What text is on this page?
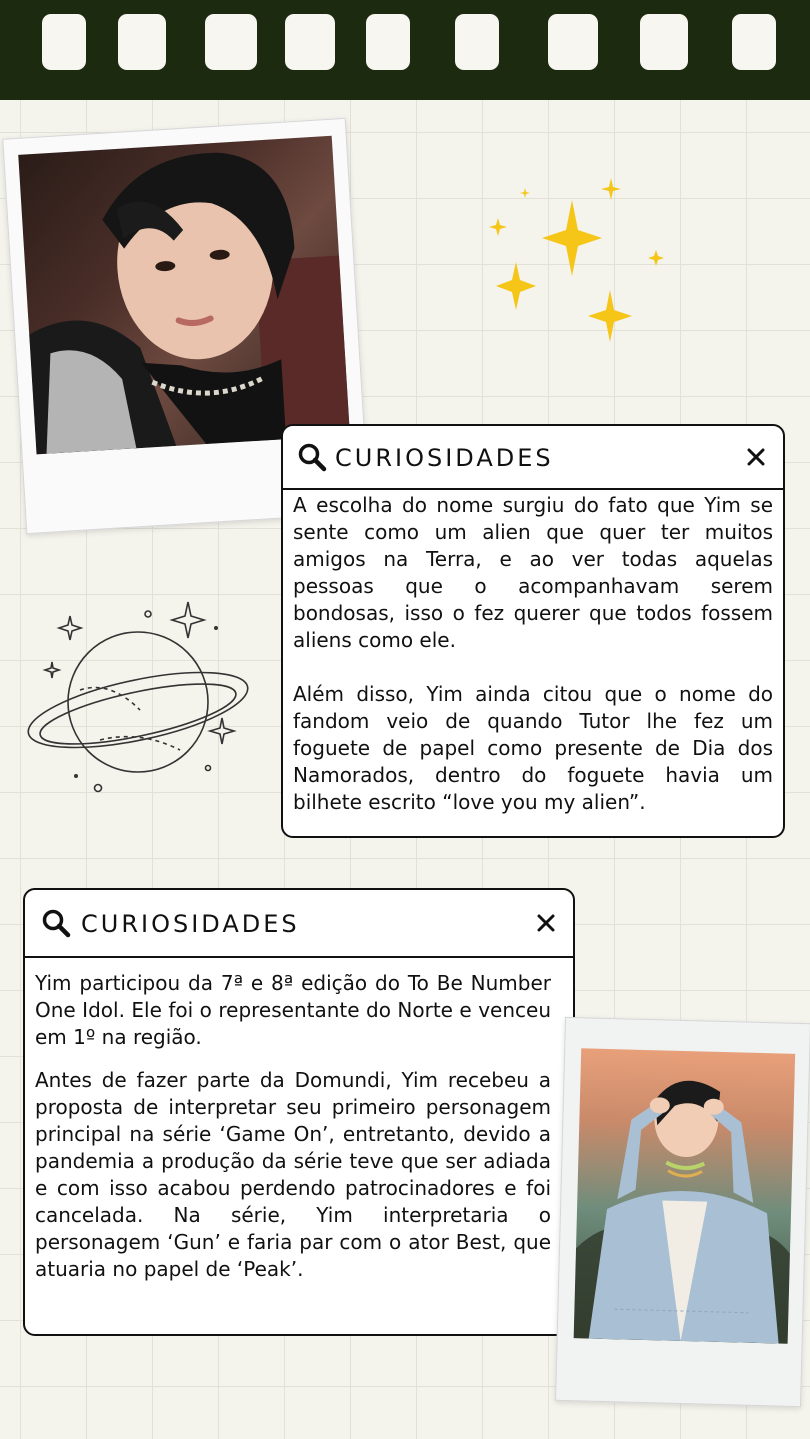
CURIOSIDADES

A escolha do nome surgiu do fato que Yim se sente como um alien que quer ter muitos amigos na Terra, e ao ver todas aquelas pessoas que o acompanhavam serem bondosas, isso o fez querer que todos fossem aliens como ele.

Além disso, Yim ainda citou que o nome do fandom veio de quando Tutor lhe fez um foguete de papel como presente de Dia dos Namorados, dentro do foguete havia um bilhete escrito “love you my alien”.

CURIOSIDADES

Yim participou da 7ª e 8ª edição do To Be Number One Idol. Ele foi o representante do Norte e venceu em 1º na região.

Antes de fazer parte da Domundi, Yim recebeu a proposta de interpretar seu primeiro personagem principal na série ‘Game On’, entretanto, devido a pandemia a produção da série teve que ser adiada e com isso acabou perdendo patrocinadores e foi cancelada. Na série, Yim interpretaria o personagem ‘Gun’ e faria par com o ator Best, que atuaria no papel de ‘Peak’.
